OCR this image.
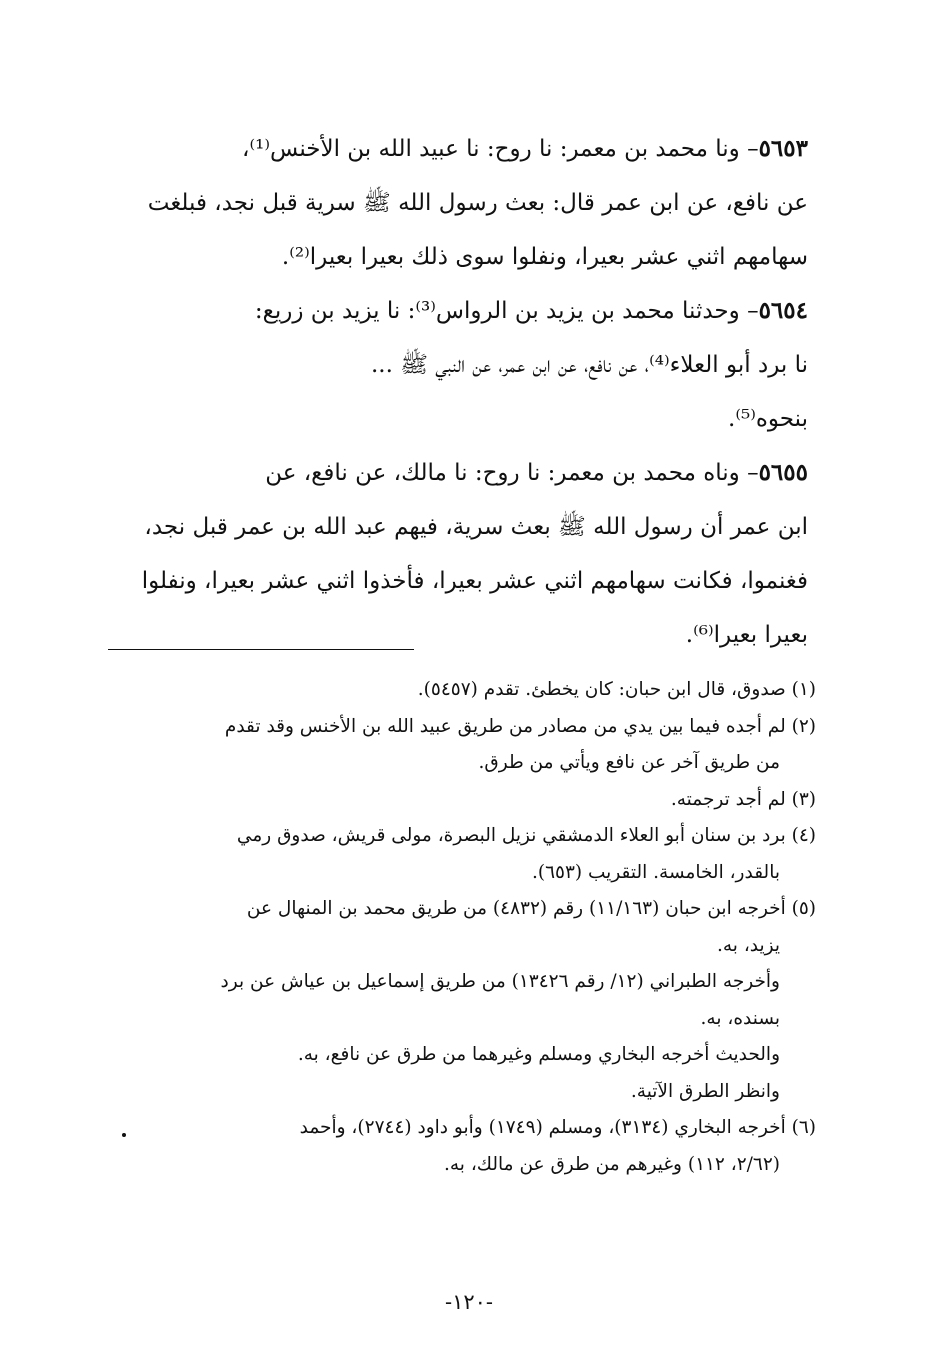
٥٦٥٣– ونا محمد بن معمر: نا روح: نا عبيد الله بن الأخنس⁽¹⁾،
عن نافع، عن ابن عمر قال: بعث رسول الله ﷺ سرية قبل نجد، فبلغت
سهامهم اثني عشر بعيرا، ونفلوا سوى ذلك بعيرا بعيرا⁽²⁾.

٥٦٥٤– وحدثنا محمد بن يزيد بن الرواس⁽³⁾: نا يزيد بن زريع:
نا برد أبو العلاء⁽⁴⁾، عن نافع، عن ابن عمر، عن النبي ﷺ ...
بنحوه⁽⁵⁾.

٥٦٥٥– وناه محمد بن معمر: نا روح: نا مالك، عن نافع، عن
ابن عمر أن رسول الله ﷺ بعث سرية، فيهم عبد الله بن عمر قبل نجد،
فغنموا، فكانت سهامهم اثني عشر بعيرا، فأخذوا اثني عشر بعيرا، ونفلوا
بعيرا بعيرا⁽⁶⁾.

(١) صدوق، قال ابن حبان: كان يخطئ. تقدم (٥٤٥٧).

(٢) لم أجده فيما بين يدي من مصادر من طريق عبيد الله بن الأخنس وقد تقدم
من طريق آخر عن نافع ويأتي من طرق.

(٣) لم أجد ترجمته.

(٤) برد بن سنان أبو العلاء الدمشقي نزيل البصرة، مولى قريش، صدوق رمي
بالقدر، الخامسة. التقريب (٦٥٣).

(٥) أخرجه ابن حبان (١١/١٦٣) رقم (٤٨٣٢) من طريق محمد بن المنهال عن
يزيد، به.
وأخرجه الطبراني (١٢/ رقم ١٣٤٢٦) من طريق إسماعيل بن عياش عن برد
بسنده، به.
والحديث أخرجه البخاري ومسلم وغيرهما من طرق عن نافع، به.
وانظر الطرق الآتية.

(٦) أخرجه البخاري (٣١٣٤)، ومسلم (١٧٤٩) وأبو داود (٢٧٤٤)، وأحمد
(٢/٦٢، ١١٢) وغيرهم من طرق عن مالك، به.

-١٢٠-
